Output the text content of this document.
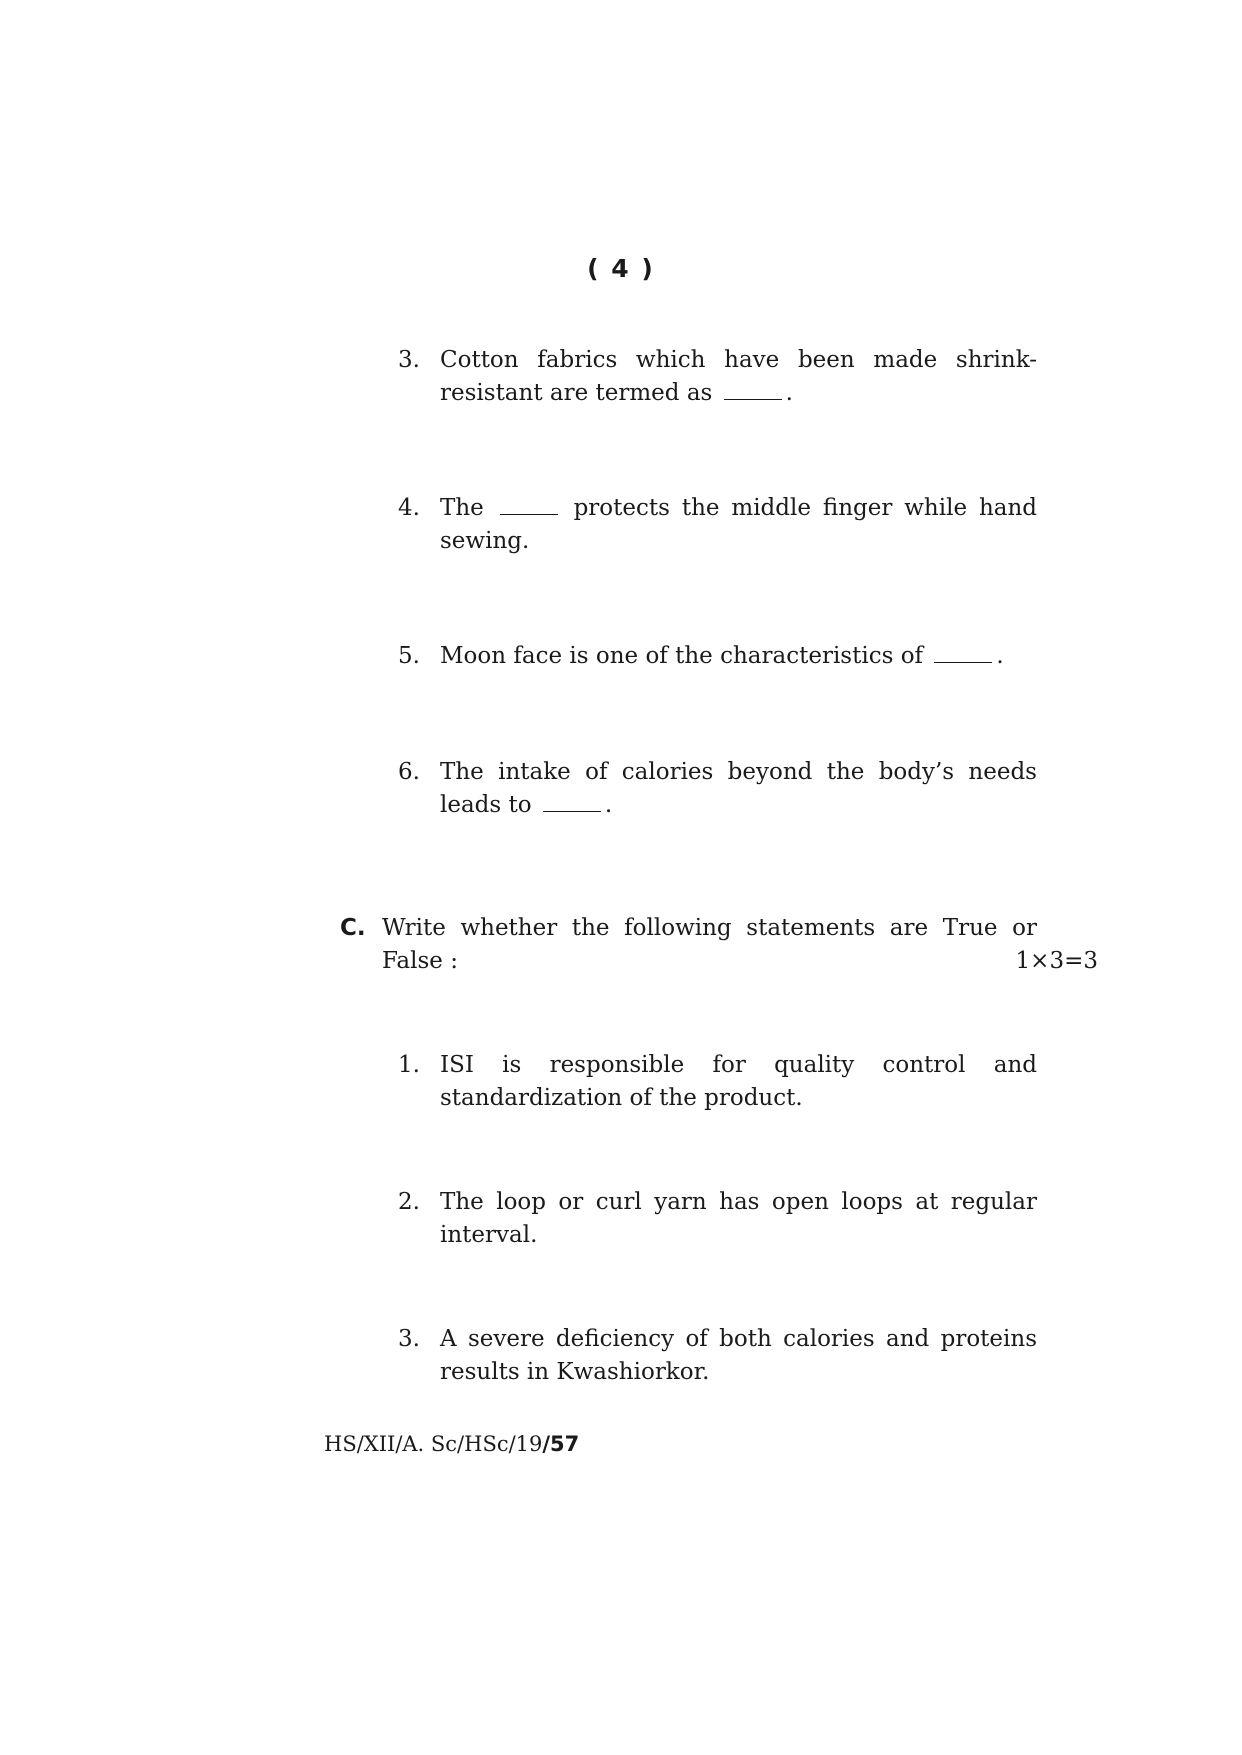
( 4 )
3. Cotton fabrics which have been made shrink-resistant are termed as	.
4. The	protects the middle finger while hand sewing.
5. Moon face is one of the characteristics of	.
6. The intake of calories beyond the body’s needs leads to	.
C. Write whether the following statements are True or False :	1×3=3
1. ISI is responsible for quality control and standardization of the product.
2. The loop or curl yarn has open loops at regular interval.
3. A severe deficiency of both calories and proteins results in Kwashiorkor.
HS/XII/A. Sc/HSc/19/57
